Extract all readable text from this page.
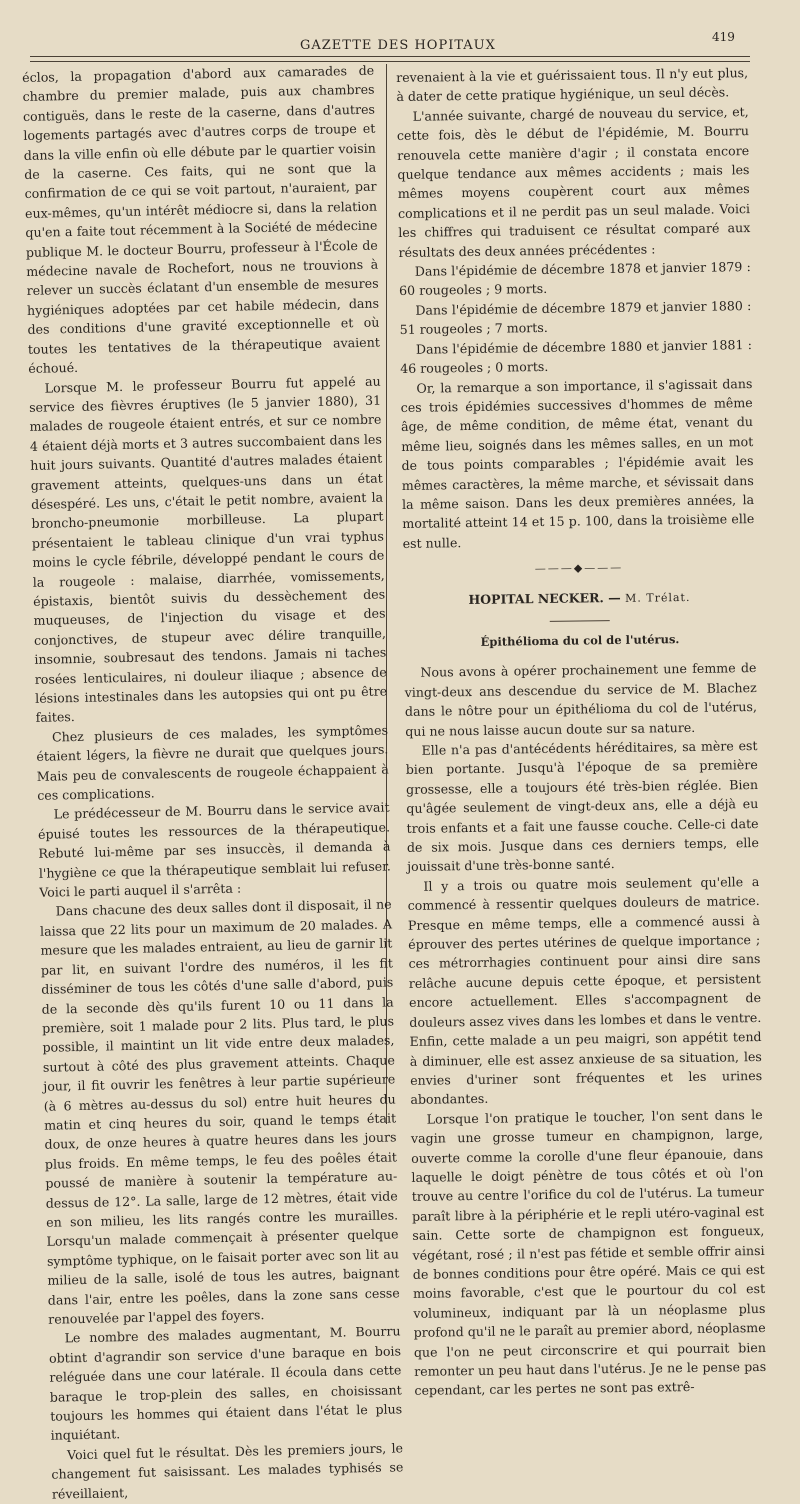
GAZETTE DES HOPITAUX
419

éclos, la propagation d'abord aux camarades de chambre du premier malade, puis aux chambres contiguës, dans le reste de la caserne, dans d'autres logements partagés avec d'autres corps de troupe et dans la ville enfin où elle débute par le quartier voisin de la caserne. Ces faits, qui ne sont que la confirmation de ce qui se voit partout, n'auraient, par eux-mêmes, qu'un intérêt médiocre si, dans la relation qu'en a faite tout récemment à la Société de médecine publique M. le docteur Bourru, professeur à l'École de médecine navale de Rochefort, nous ne trouvions à relever un succès éclatant d'un ensemble de mesures hygiéniques adoptées par cet habile médecin, dans des conditions d'une gravité exceptionnelle et où toutes les tentatives de la thérapeutique avaient échoué.

Lorsque M. le professeur Bourru fut appelé au service des fièvres éruptives (le 5 janvier 1880), 31 malades de rougeole étaient entrés, et sur ce nombre 4 étaient déjà morts et 3 autres succombaient dans les huit jours suivants. Quantité d'autres malades étaient gravement atteints, quelques-uns dans un état désespéré. Les uns, c'était le petit nombre, avaient la broncho-pneumonie morbilleuse. La plupart présentaient le tableau clinique d'un vrai typhus moins le cycle fébrile, développé pendant le cours de la rougeole : malaise, diarrhée, vomissements, épistaxis, bientôt suivis du dessèchement des muqueuses, de l'injection du visage et des conjonctives, de stupeur avec délire tranquille, insomnie, soubresaut des tendons. Jamais ni taches rosées lenticulaires, ni douleur iliaque ; absence de lésions intestinales dans les autopsies qui ont pu être faites.

Chez plusieurs de ces malades, les symptômes étaient légers, la fièvre ne durait que quelques jours. Mais peu de convalescents de rougeole échappaient à ces complications.

Le prédécesseur de M. Bourru dans le service avait épuisé toutes les ressources de la thérapeutique. Rebuté lui-même par ses insuccès, il demanda à l'hygiène ce que la thérapeutique semblait lui refuser. Voici le parti auquel il s'arrêta :

Dans chacune des deux salles dont il disposait, il ne laissa que 22 lits pour un maximum de 20 malades. A mesure que les malades entraient, au lieu de garnir lit par lit, en suivant l'ordre des numéros, il les fit disséminer de tous les côtés d'une salle d'abord, puis de la seconde dès qu'ils furent 10 ou 11 dans la première, soit 1 malade pour 2 lits. Plus tard, le plus possible, il maintint un lit vide entre deux malades, surtout à côté des plus gravement atteints. Chaque jour, il fit ouvrir les fenêtres à leur partie supérieure (à 6 mètres au-dessus du sol) entre huit heures du matin et cinq heures du soir, quand le temps était doux, de onze heures à quatre heures dans les jours plus froids. En même temps, le feu des poêles était poussé de manière à soutenir la température au-dessus de 12°. La salle, large de 12 mètres, était vide en son milieu, les lits rangés contre les murailles. Lorsqu'un malade commençait à présenter quelque symptôme typhique, on le faisait porter avec son lit au milieu de la salle, isolé de tous les autres, baignant dans l'air, entre les poêles, dans la zone sans cesse renouvelée par l'appel des foyers.

Le nombre des malades augmentant, M. Bourru obtint d'agrandir son service d'une baraque en bois reléguée dans une cour latérale. Il écoula dans cette baraque le trop-plein des salles, en choisissant toujours les hommes qui étaient dans l'état le plus inquiétant.

Voici quel fut le résultat. Dès les premiers jours, le changement fut saisissant. Les malades typhisés se réveillaient,

revenaient à la vie et guérissaient tous. Il n'y eut plus, à dater de cette pratique hygiénique, un seul décès.

L'année suivante, chargé de nouveau du service, et, cette fois, dès le début de l'épidémie, M. Bourru renouvela cette manière d'agir ; il constata encore quelque tendance aux mêmes accidents ; mais les mêmes moyens coupèrent court aux mêmes complications et il ne perdit pas un seul malade. Voici les chiffres qui traduisent ce résultat comparé aux résultats des deux années précédentes :

Dans l'épidémie de décembre 1878 et janvier 1879 : 60 rougeoles ; 9 morts.

Dans l'épidémie de décembre 1879 et janvier 1880 : 51 rougeoles ; 7 morts.

Dans l'épidémie de décembre 1880 et janvier 1881 : 46 rougeoles ; 0 morts.

Or, la remarque a son importance, il s'agissait dans ces trois épidémies successives d'hommes de même âge, de même condition, de même état, venant du même lieu, soignés dans les mêmes salles, en un mot de tous points comparables ; l'épidémie avait les mêmes caractères, la même marche, et sévissait dans la même saison. Dans les deux premières années, la mortalité atteint 14 et 15 p. 100, dans la troisième elle est nulle.

———◆———
HOPITAL NECKER. — M. Trélat.
Épithélioma du col de l'utérus.

Nous avons à opérer prochainement une femme de vingt-deux ans descendue du service de M. Blachez dans le nôtre pour un épithélioma du col de l'utérus, qui ne nous laisse aucun doute sur sa nature.

Elle n'a pas d'antécédents héréditaires, sa mère est bien portante. Jusqu'à l'époque de sa première grossesse, elle a toujours été très-bien réglée. Bien qu'âgée seulement de vingt-deux ans, elle a déjà eu trois enfants et a fait une fausse couche. Celle-ci date de six mois. Jusque dans ces derniers temps, elle jouissait d'une très-bonne santé.

Il y a trois ou quatre mois seulement qu'elle a commencé à ressentir quelques douleurs de matrice. Presque en même temps, elle a commencé aussi à éprouver des pertes utérines de quelque importance ; ces métrorrhagies continuent pour ainsi dire sans relâche aucune depuis cette époque, et persistent encore actuellement. Elles s'accompagnent de douleurs assez vives dans les lombes et dans le ventre. Enfin, cette malade a un peu maigri, son appétit tend à diminuer, elle est assez anxieuse de sa situation, les envies d'uriner sont fréquentes et les urines abondantes.

Lorsque l'on pratique le toucher, l'on sent dans le vagin une grosse tumeur en champignon, large, ouverte comme la corolle d'une fleur épanouie, dans laquelle le doigt pénètre de tous côtés et où l'on trouve au centre l'orifice du col de l'utérus. La tumeur paraît libre à la périphérie et le repli utéro-vaginal est sain. Cette sorte de champignon est fongueux, végétant, rosé ; il n'est pas fétide et semble offrir ainsi de bonnes conditions pour être opéré. Mais ce qui est moins favorable, c'est que le pourtour du col est volumineux, indiquant par là un néoplasme plus profond qu'il ne le paraît au premier abord, néoplasme que l'on ne peut circonscrire et qui pourrait bien remonter un peu haut dans l'utérus. Je ne le pense pas cependant, car les pertes ne sont pas extrê-
